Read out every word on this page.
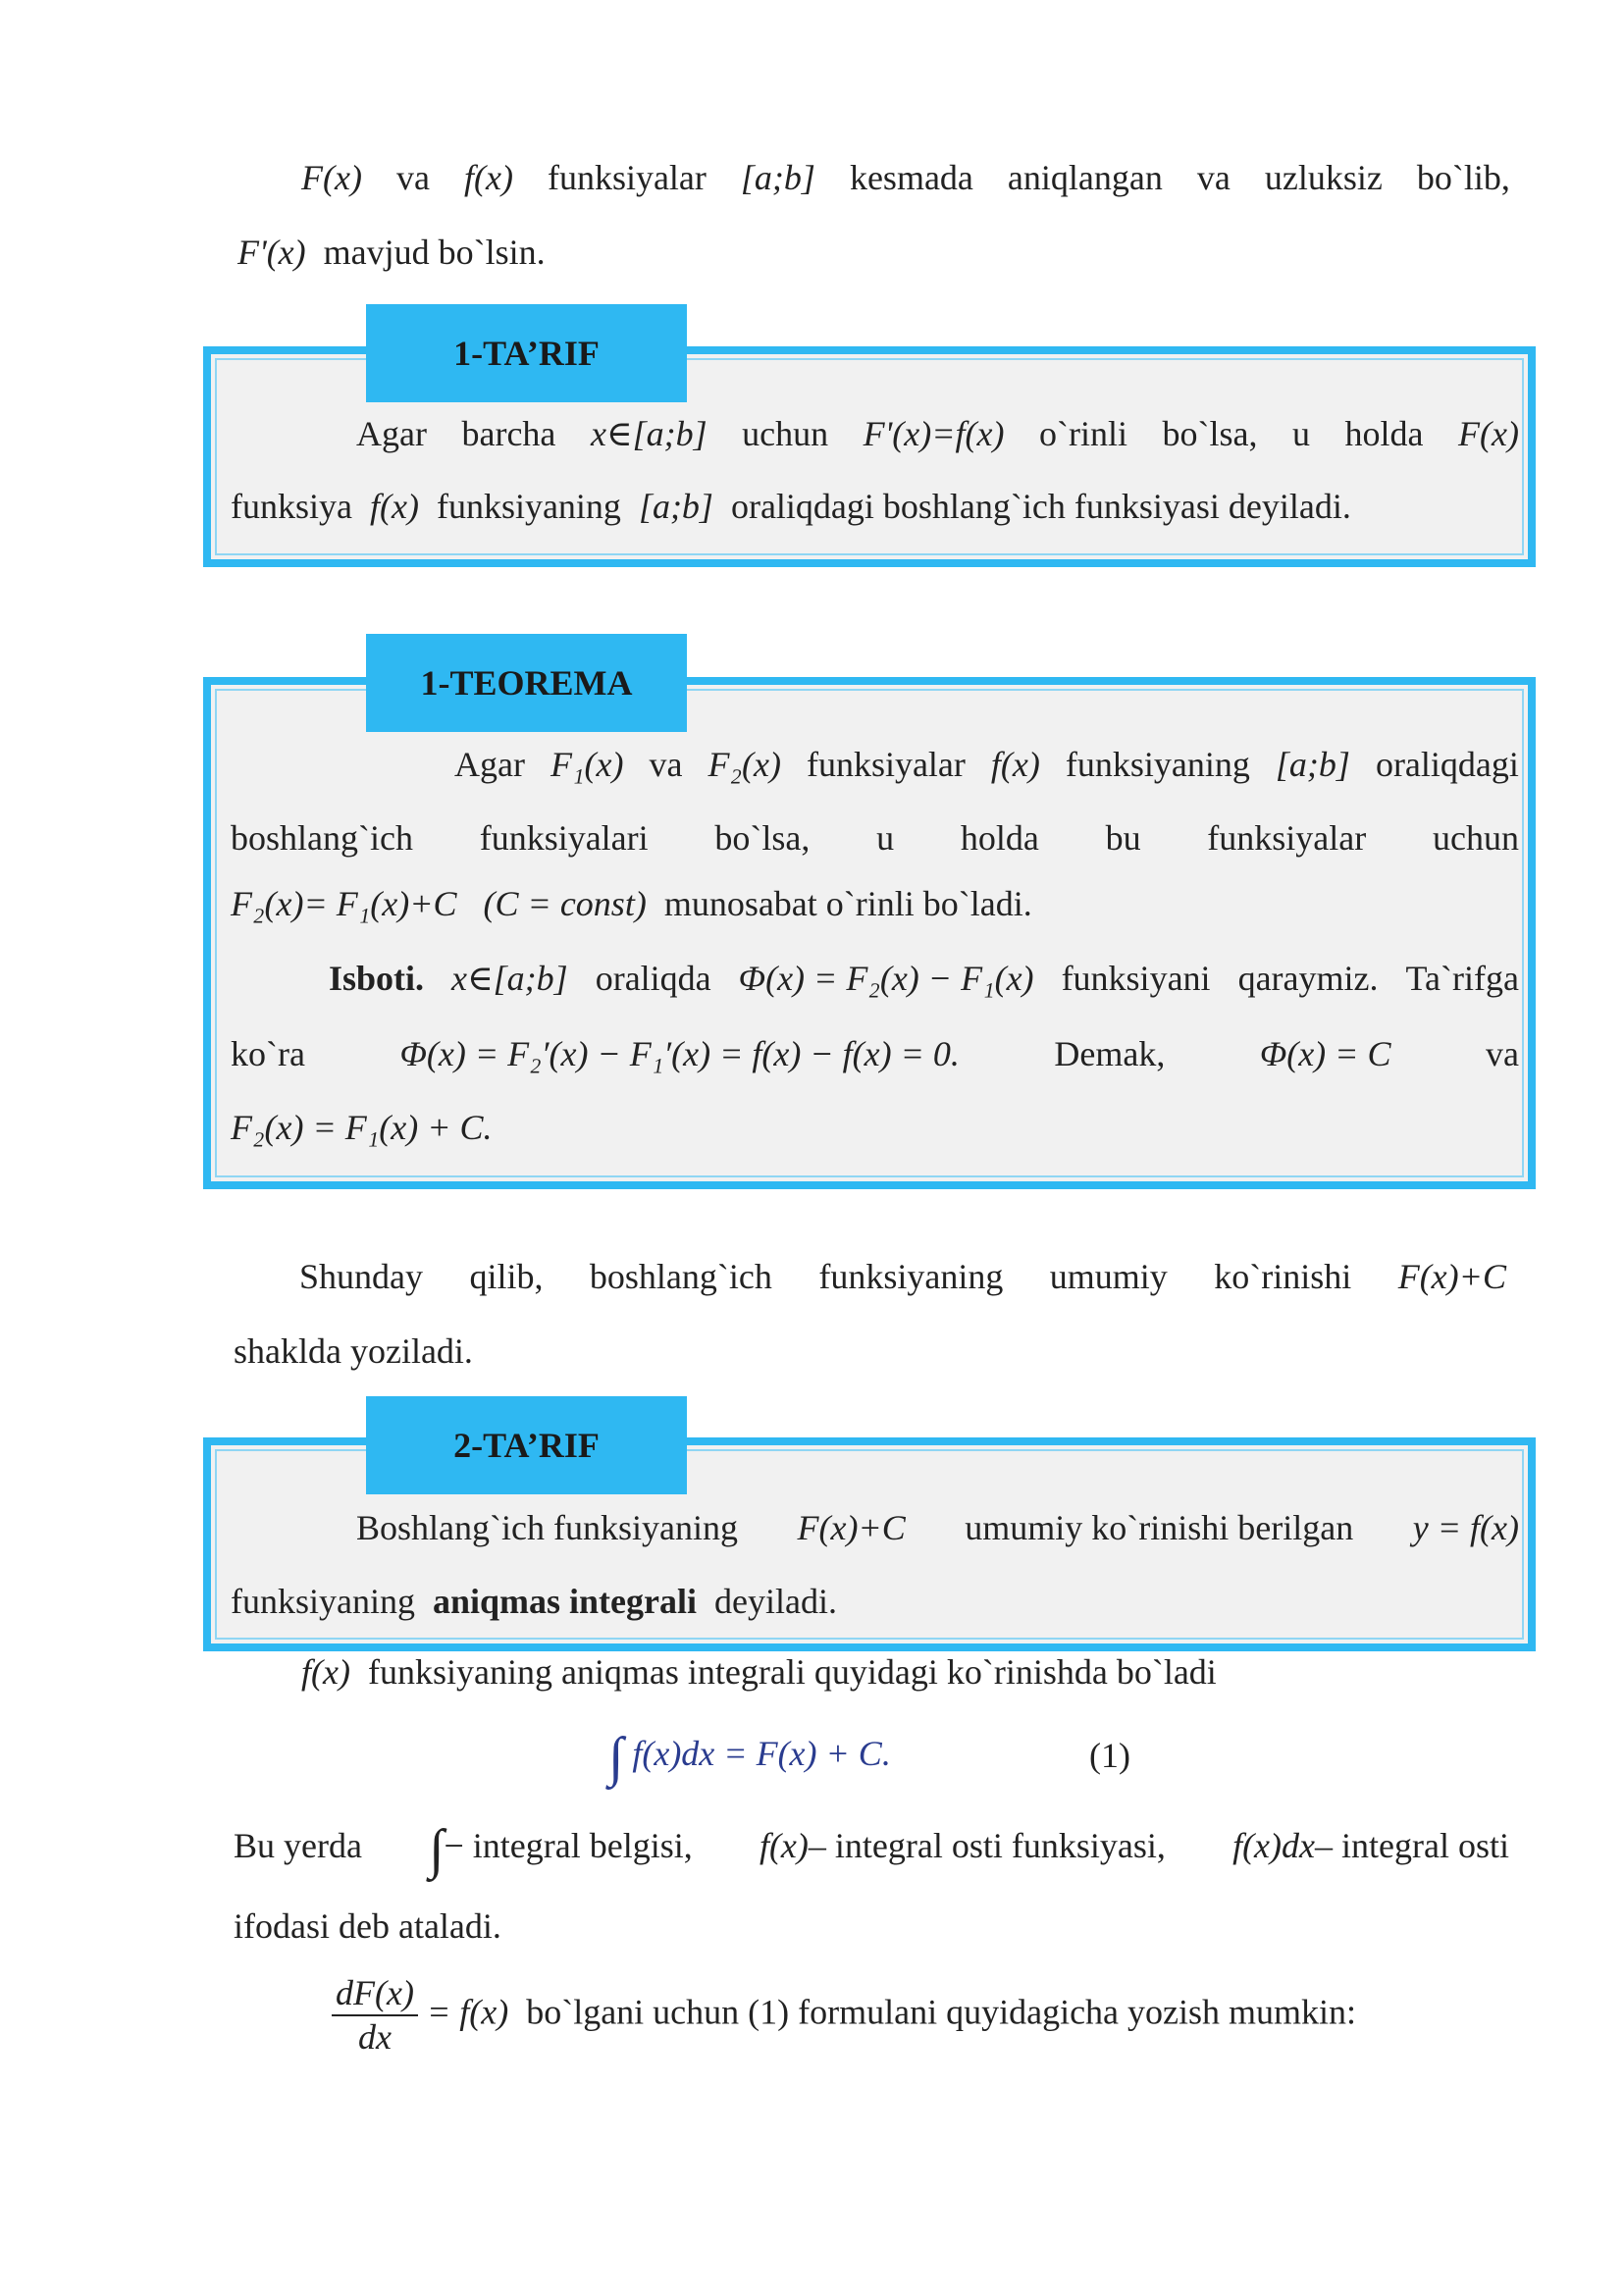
F(x) va f(x) funksiyalar [a;b] kesmada aniqlangan va uzluksiz bo`lib,
F'(x) mavjud bo`lsin.
1-TA’RIF
Agar barcha x∈[a;b] uchun F'(x)=f(x) o`rinli bo`lsa, u holda F(x)
funksiya f(x) funksiyaning [a;b] oraliqdagi boshlang`ich funksiyasi deyiladi.
1-TEOREMA
Agar F₁(x) va F₂(x) funksiyalar f(x) funksiyaning [a;b] oraliqdagi
boshlang`ich funksiyalari bo`lsa, u holda bu funksiyalar uchun
F₂(x)= F₁(x)+C (C = const) munosabat o`rinli bo`ladi.
Isboti. x∈[a;b] oraliqda Φ(x) = F₂(x) − F₁(x) funksiyani qaraymiz. Ta`rifga
ko`ra	Φ(x) = F₂′(x) − F₁′(x) = f(x) − f(x) = 0.	Demak,	Φ(x) = C	va
F₂(x) = F₁(x) + C.
Shunday qilib, boshlang`ich funksiyaning umumiy ko`rinishi F(x)+C
shakldа yoziladi.
2-TA’RIF
Boshlang`ich funksiyaning F(x)+C umumiy ko`rinishi berilgan y = f(x)
funksiyaning aniqmas integrali deyiladi.
f(x) funksiyaning aniqmas integrali quyidagi ko`rinishda bo`ladi
∫ f(x)dx = F(x) + C.	(1)
Bu yerda ∫− integral belgisi, f(x)– integral osti funksiyasi, f(x)dx– integral osti
ifodasi deb ataladi.
$\frac{dF(x)}{dx} = f(x)$ bo`lgani uchun (1) formulani quyidagicha yozish mumkin:
